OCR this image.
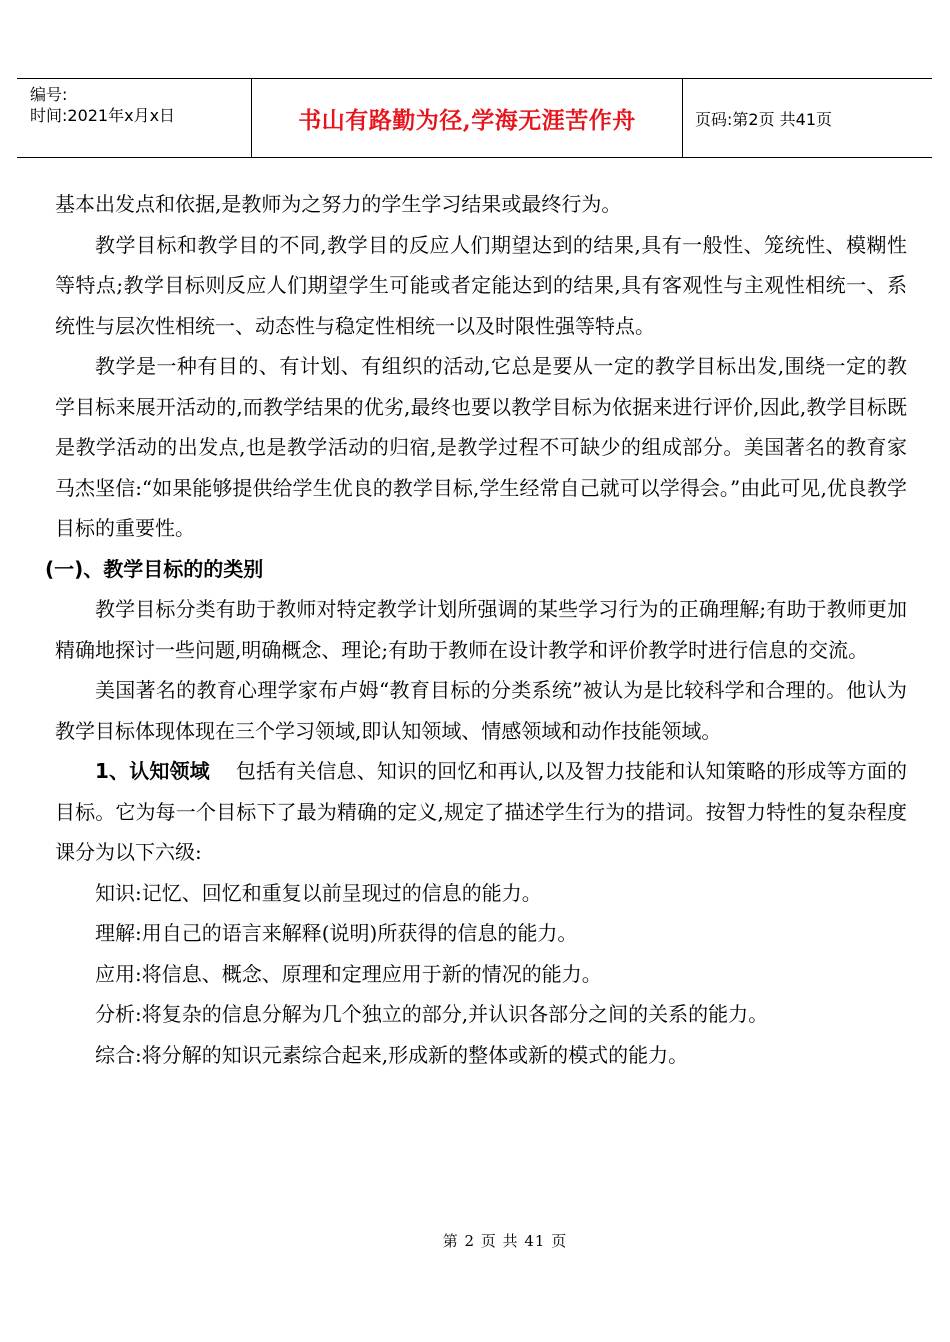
编号:
时间:2021年x月x日	书山有路勤为径,学海无涯苦作舟	页码:第2页 共41页

基本出发点和依据,是教师为之努力的学生学习结果或最终行为。

教学目标和教学目的不同,教学目的反应人们期望达到的结果,具有一般性、笼统性、模糊性等特点;教学目标则反应人们期望学生可能或者定能达到的结果,具有客观性与主观性相统一、系统性与层次性相统一、动态性与稳定性相统一以及时限性强等特点。

教学是一种有目的、有计划、有组织的活动,它总是要从一定的教学目标出发,围绕一定的教学目标来展开活动的,而教学结果的优劣,最终也要以教学目标为依据来进行评价,因此,教学目标既是教学活动的出发点,也是教学活动的归宿,是教学过程不可缺少的组成部分。美国著名的教育家马杰坚信:“如果能够提供给学生优良的教学目标,学生经常自己就可以学得会。”由此可见,优良教学目标的重要性。

(一)、教学目标的的类别

教学目标分类有助于教师对特定教学计划所强调的某些学习行为的正确理解;有助于教师更加精确地探讨一些问题,明确概念、理论;有助于教师在设计教学和评价教学时进行信息的交流。

美国著名的教育心理学家布卢姆“教育目标的分类系统”被认为是比较科学和合理的。他认为教学目标体现体现在三个学习领域,即认知领域、情感领域和动作技能领域。

1、认知领域 包括有关信息、知识的回忆和再认,以及智力技能和认知策略的形成等方面的目标。它为每一个目标下了最为精确的定义,规定了描述学生行为的措词。按智力特性的复杂程度课分为以下六级:

知识:记忆、回忆和重复以前呈现过的信息的能力。

理解:用自己的语言来解释(说明)所获得的信息的能力。

应用:将信息、概念、原理和定理应用于新的情况的能力。

分析:将复杂的信息分解为几个独立的部分,并认识各部分之间的关系的能力。

综合:将分解的知识元素综合起来,形成新的整体或新的模式的能力。

第 2 页 共 41 页
